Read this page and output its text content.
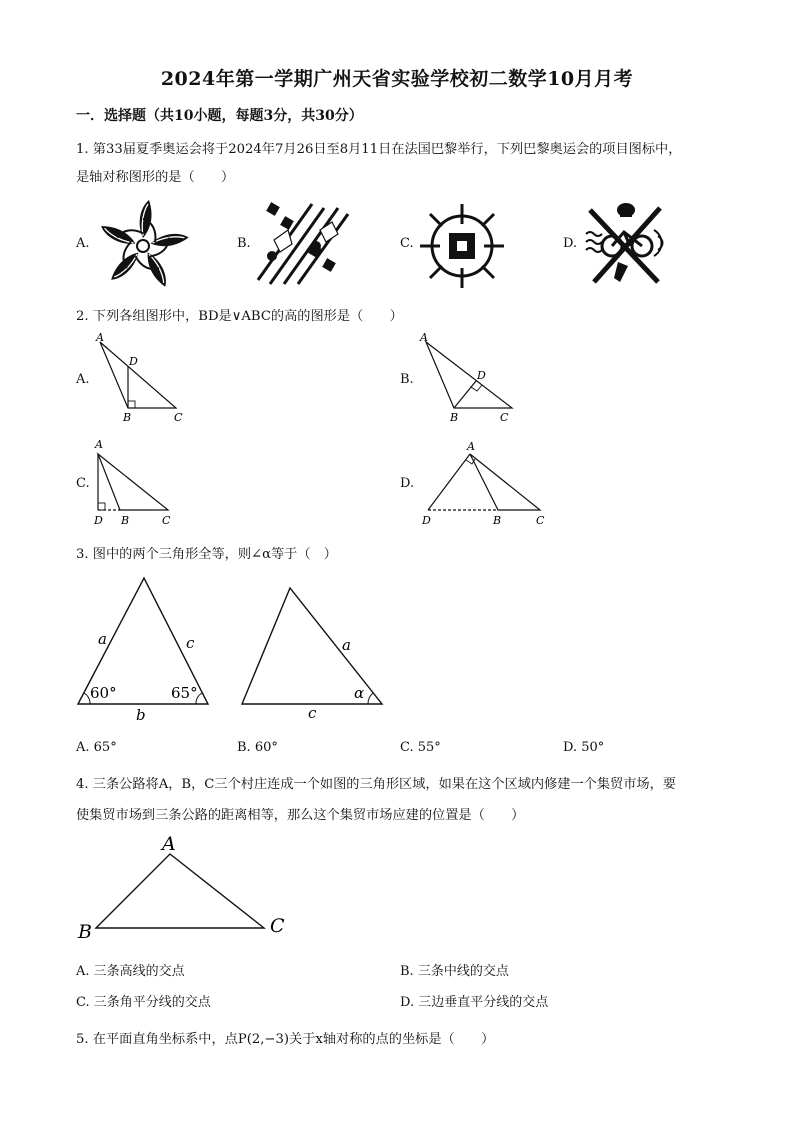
2024年第一学期广州天省实验学校初二数学10月月考
一．选择题（共10小题，每题3分，共30分）
1. 第33届夏季奥运会将于2024年7月26日至8月11日在法国巴黎举行，下列巴黎奥运会的项目图标中，
是轴对称图形的是（　　）
A.	B.	C.	D.
2. 下列各组图形中，BD是∨ABC的高的图形是（　　）
A.
A
D
B	C
B.
A
D
B	C
C.
A
D B	C
D.
A
D	B	C
3. 图中的两个三角形全等，则∠α等于（　）
a	c
b
60°	65°
a
c
α
A. 65°	B. 60°	C. 55°	D. 50°
4. 三条公路将A，B，C三个村庄连成一个如图的三角形区域，如果在这个区域内修建一个集贸市场，要
使集贸市场到三条公路的距离相等，那么这个集贸市场应建的位置是（　　）
A
B	C
A. 三条高线的交点	B. 三条中线的交点
C. 三条角平分线的交点	D. 三边垂直平分线的交点
5. 在平面直角坐标系中，点P(2,−3)关于x轴对称的点的坐标是（　　）
